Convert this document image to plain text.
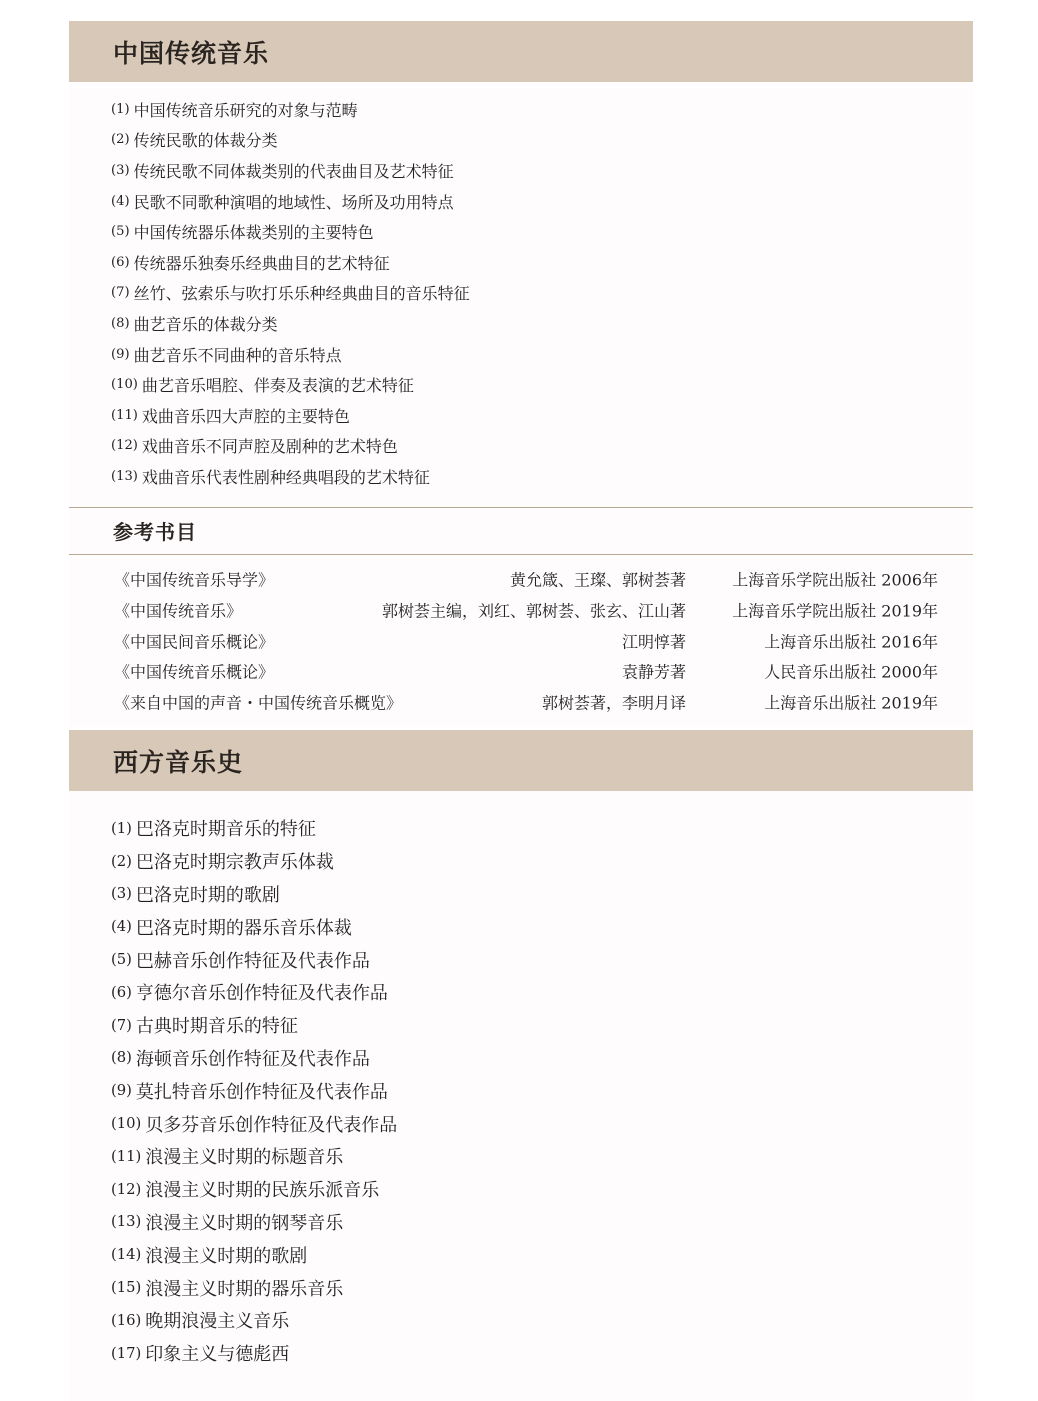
中国传统音乐
(1) 中国传统音乐研究的对象与范畴
(2) 传统民歌的体裁分类
(3) 传统民歌不同体裁类别的代表曲目及艺术特征
(4) 民歌不同歌种演唱的地域性、场所及功用特点
(5) 中国传统器乐体裁类别的主要特色
(6) 传统器乐独奏乐经典曲目的艺术特征
(7) 丝竹、弦索乐与吹打乐乐种经典曲目的音乐特征
(8) 曲艺音乐的体裁分类
(9) 曲艺音乐不同曲种的音乐特点
(10) 曲艺音乐唱腔、伴奏及表演的艺术特征
(11) 戏曲音乐四大声腔的主要特色
(12) 戏曲音乐不同声腔及剧种的艺术特色
(13) 戏曲音乐代表性剧种经典唱段的艺术特征
参考书目
《中国传统音乐导学》	黄允箴、王璨、郭树荟著	上海音乐学院出版社 2006年
《中国传统音乐》	郭树荟主编，刘红、郭树荟、张玄、江山著	上海音乐学院出版社 2019年
《中国民间音乐概论》	江明惇著	上海音乐出版社 2016年
《中国传统音乐概论》	袁静芳著	人民音乐出版社 2000年
《来自中国的声音・中国传统音乐概览》	郭树荟著，李明月译	上海音乐出版社 2019年
西方音乐史
(1) 巴洛克时期音乐的特征
(2) 巴洛克时期宗教声乐体裁
(3) 巴洛克时期的歌剧
(4) 巴洛克时期的器乐音乐体裁
(5) 巴赫音乐创作特征及代表作品
(6) 亨德尔音乐创作特征及代表作品
(7) 古典时期音乐的特征
(8) 海顿音乐创作特征及代表作品
(9) 莫扎特音乐创作特征及代表作品
(10) 贝多芬音乐创作特征及代表作品
(11) 浪漫主义时期的标题音乐
(12) 浪漫主义时期的民族乐派音乐
(13) 浪漫主义时期的钢琴音乐
(14) 浪漫主义时期的歌剧
(15) 浪漫主义时期的器乐音乐
(16) 晚期浪漫主义音乐
(17) 印象主义与德彪西
